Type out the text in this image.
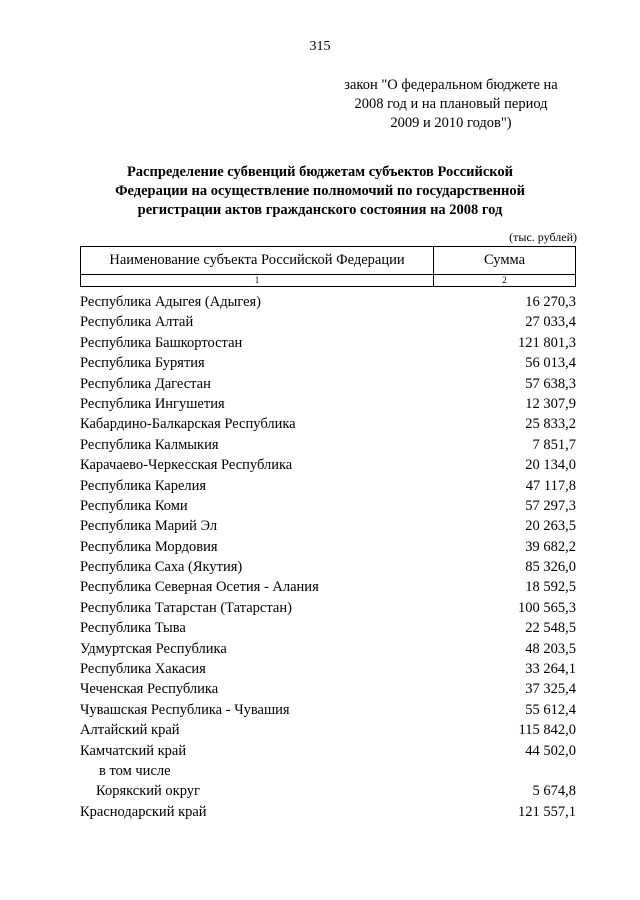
315
закон "О федеральном бюджете на
2008 год и на плановый период
2009 и 2010 годов")
Распределение субвенций бюджетам субъектов Российской
Федерации на осуществление полномочий по государственной
регистрации актов гражданского состояния на 2008 год
(тыс. рублей)
Наименование субъекта Российской Федерации	Сумма
1	2
Республика Адыгея (Адыгея)	16 270,3
Республика Алтай	27 033,4
Республика Башкортостан	121 801,3
Республика Бурятия	56 013,4
Республика Дагестан	57 638,3
Республика Ингушетия	12 307,9
Кабардино-Балкарская Республика	25 833,2
Республика Калмыкия	7 851,7
Карачаево-Черкесская Республика	20 134,0
Республика Карелия	47 117,8
Республика Коми	57 297,3
Республика Марий Эл	20 263,5
Республика Мордовия	39 682,2
Республика Саха (Якутия)	85 326,0
Республика Северная Осетия - Алания	18 592,5
Республика Татарстан (Татарстан)	100 565,3
Республика Тыва	22 548,5
Удмуртская Республика	48 203,5
Республика Хакасия	33 264,1
Чеченская Республика	37 325,4
Чувашская Республика - Чувашия	55 612,4
Алтайский край	115 842,0
Камчатский край	44 502,0
в том числе
Корякский округ	5 674,8
Краснодарский край	121 557,1
